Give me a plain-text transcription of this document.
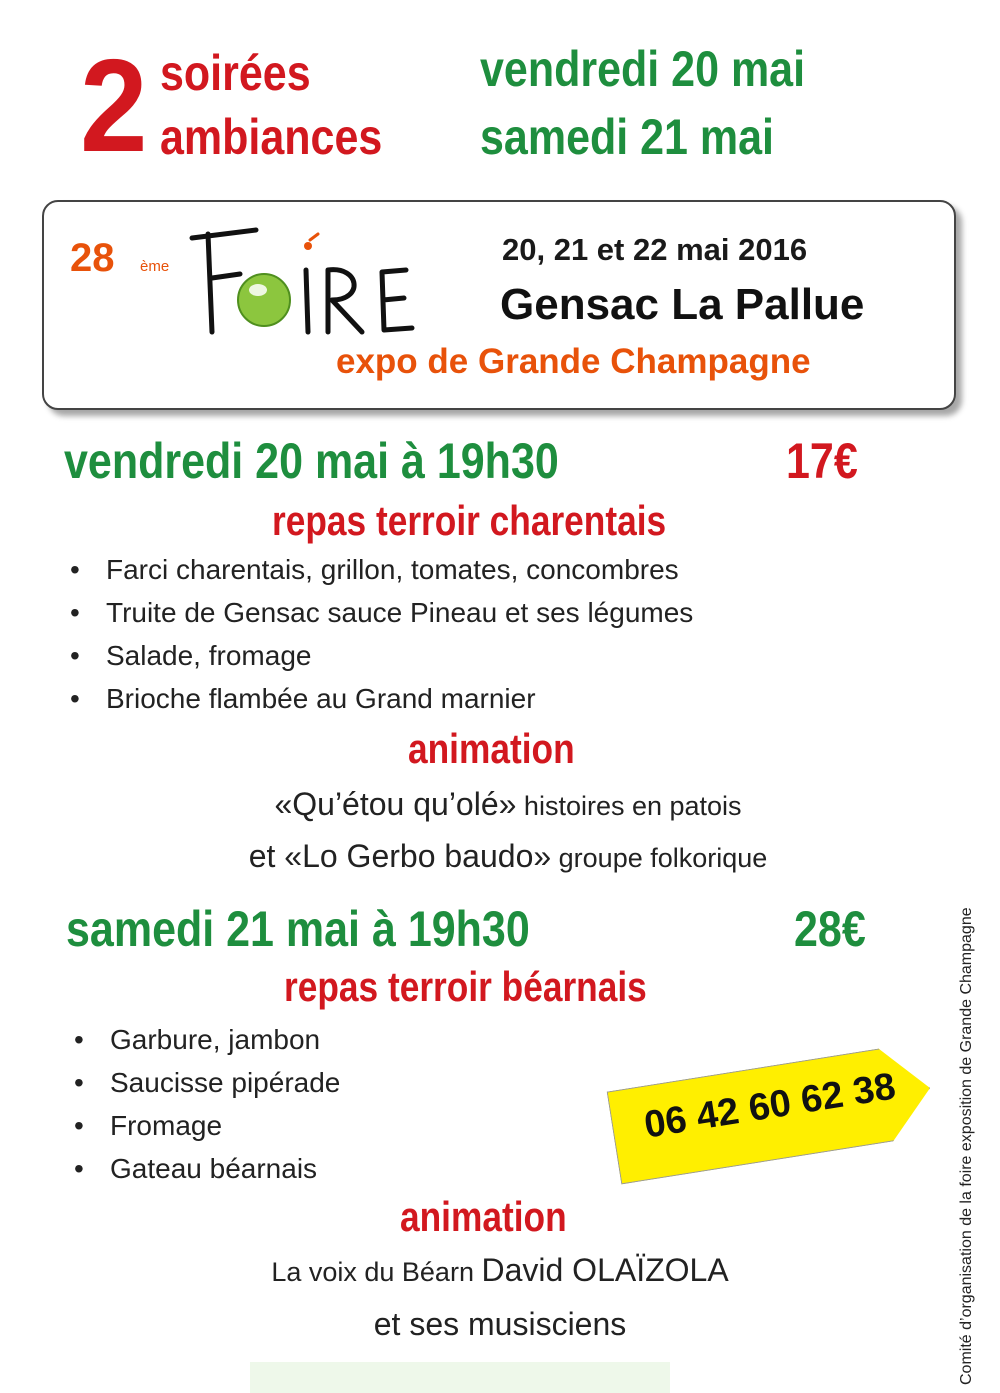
2 soirées
ambiances
vendredi 20 mai
samedi 21 mai
28 ème	20, 21 et 22 mai 2016
Gensac La Pallue
expo de Grande Champagne
vendredi 20 mai à 19h30	17€
repas terroir charentais
• Farci charentais, grillon, tomates, concombres
• Truite de Gensac sauce Pineau et ses légumes
• Salade, fromage
• Brioche flambée au Grand marnier
animation
«Qu’étou qu’olé» histoires en patois
et «Lo Gerbo baudo» groupe folkorique
samedi 21 mai à 19h30	28€
repas terroir béarnais
• Garbure, jambon
• Saucisse pipérade
• Fromage
• Gateau béarnais
06 42 60 62 38
animation
La voix du Béarn David OLAÏZOLA
et ses musisciens	Comité d’organisation de la foire exposition de Grande Champagne
